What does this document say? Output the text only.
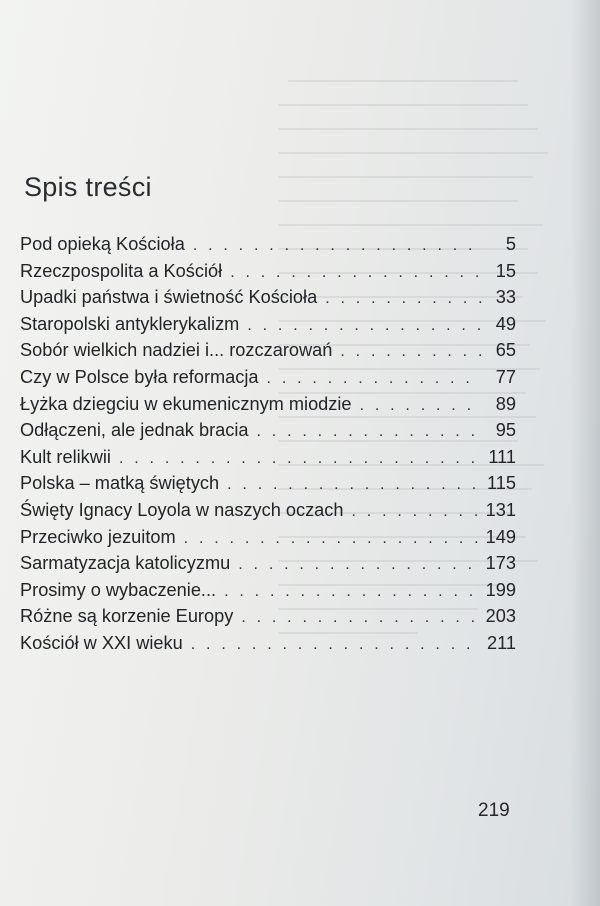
Spis treści
Pod opieką Kościoła . . .	5
Rzeczpospolita a Kościół . . .	15
Upadki państwa i świetność Kościoła . . .	33
Staropolski antyklerykalizm . . .	49
Sobór wielkich nadziei i... rozczarowań . . .	65
Czy w Polsce była reformacja . . .	77
Łyżka dziegciu w ekumenicznym miodzie . . .	89
Odłączeni, ale jednak bracia . . .	95
Kult relikwii . . .	111
Polska – matką świętych . . .	115
Święty Ignacy Loyola w naszych oczach . . .	131
Przeciwko jezuitom . . .	149
Sarmatyzacja katolicyzmu . . .	173
Prosimy o wybaczenie... . . .	199
Różne są korzenie Europy . . .	203
Kościół w XXI wieku . . .	211
219
